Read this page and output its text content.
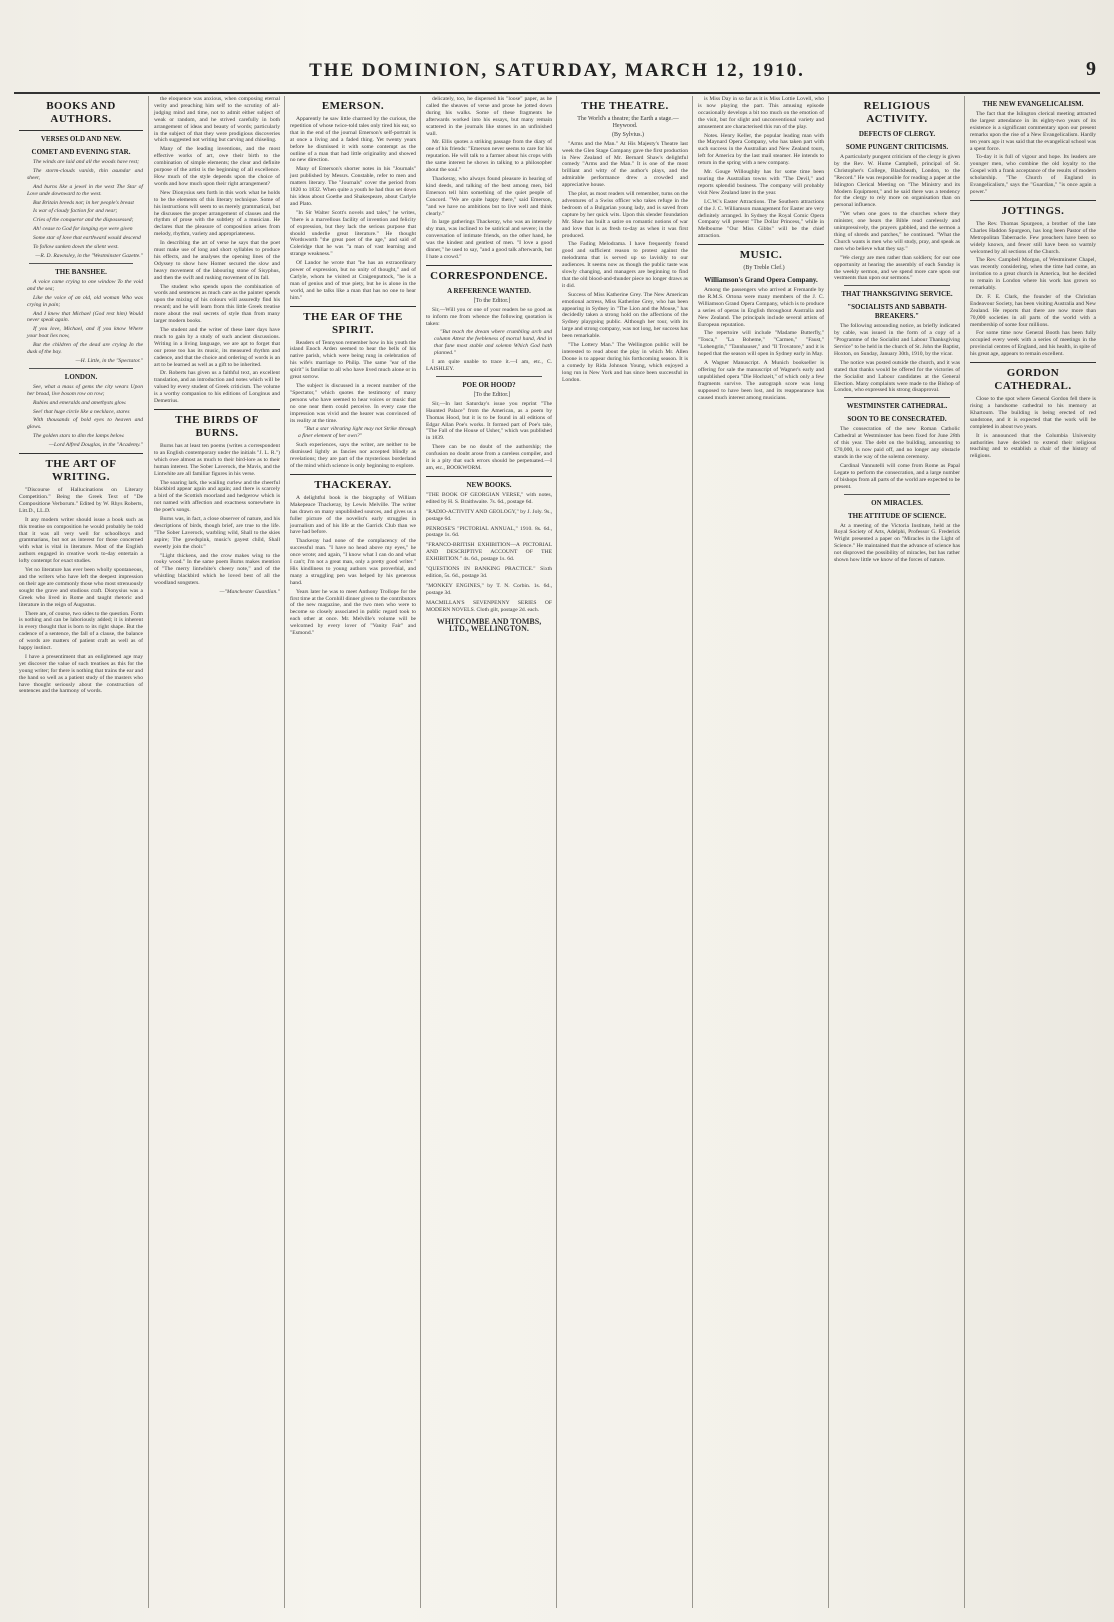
THE DOMINION, SATURDAY, MARCH 12, 1910.	9
BOOKS AND AUTHORS.
VERSES OLD AND NEW.
COMET AND EVENING STAR.

The winds are laid and all the woods have rest;

The storm-clouds vanish, thin asundar and sheer,

And burns like a jewel in the west The Star of Love unde downward to the west.

But Britain breeds not; in her people's breast

Is war of cloudy faction for and near;

Cries of the conqueror and the dispossessed;

Ah! cease to God for longing eye were given

Some star of love that earthward would descend

To follow sunken down the silent west.

—R. D. Rawnsley, in the "Westminster Gazette."

THE BANSHEE.

A voice came crying to one window To the void and the sea;

Like the voice of an old, old woman Who was crying in pain;

And I knew that Michael (God rest him) Would never speak again.

If you love, Michael, and if you know Where your boat lies now,

But the children of the dead are crying In the dusk of the bay.

—H. Little, in the "Spectator."

LONDON.

See, what a mass of gems the city wears Upon her broad, live bosom row on row;

Rubies and emeralds and amethysts glow.

See! that huge circle like a necklace, stares

With thousands of bold eyes to heaven and glows.

The golden stars to dim the lamps below.

—Lord Alfred Douglas, in the "Academy."

THE ART OF WRITING.

"Discourse of Hallucinations on Literary Competition." Being the Greek Text of "De Compositione Verborum." Edited by W. Rhys Roberts, Litt.D., LL.D.

It any modern writer should issue a book such as this treatise on composition he would probably be told that it was all very well for schoolboys and grammarians, but not as interest for those concerned with what is vital in literature. Most of the English authors engaged in creative work to-day entertain a lofty contempt for exact studies.

Yet no literature has ever been wholly spontaneous, and the writers who have left the deepest impression on their age are commonly those who most strenuously sought the grave and studious craft. Dionysius was a Greek who lived in Rome and taught rhetoric and literature in the reign of Augustus.

There are, of course, two sides to the question. Form is nothing and can be laboriously added; it is inherent in every thought that is born to its right shape. But the cadence of a sentence, the fall of a clause, the balance of words are matters of patient craft as well as of happy instinct.

I have a presentiment that an enlightened age may yet discover the value of such treatises as this for the young writer; for there is nothing that trains the ear and the hand so well as a patient study of the masters who have thought seriously about the construction of sentences and the harmony of words.

the eloquence was anxious, when composing eternal verity and preaching him self to the scrutiny of all-judging mind and time, not to admit either subject of weak or random, and he strived carefully in both arrangement of ideas and beauty of words; particularly in the subject of that they were prodigious discoveries which suggested not writing but carving and chiseling.

Many of the leading inventions, and the most effective works of art, owe their birth to the combination of simple elements; the clear and definite purpose of the artist is the beginning of all excellence. How much of the style depends upon the choice of words and how much upon their right arrangement?

New Dionysius sets forth in this work what he holds to be the elements of this literary technique. Some of his instructions will seem to us merely grammatical, but he discusses the proper arrangement of clauses and the rhythm of prose with the subtlety of a musician. He declares that the pleasure of composition arises from melody, rhythm, variety and appropriateness.

In describing the art of verse he says that the poet must make use of long and short syllables to produce his effects, and he analyses the opening lines of the Odyssey to show how Homer secured the slow and heavy movement of the labouring stone of Sisyphus, and then the swift and rushing movement of its fall.

The student who spends upon the combination of words and sentences as much care as the painter spends upon the mixing of his colours will assuredly find his reward; and he will learn from this little Greek treatise more about the real secrets of style than from many larger modern books.

The student and the writer of these later days have much to gain by a study of such ancient discussions. Writing in a living language, we are apt to forget that our prose too has its music, its measured rhythm and cadence, and that the choice and ordering of words is an art to be learned as well as a gift to be inherited.

Dr. Roberts has given us a faithful text, an excellent translation, and an introduction and notes which will be valued by every student of Greek criticism. The volume is a worthy companion to his editions of Longinus and Demetrius.

THE BIRDS OF BURNS.

Burns has at least ten poems (writes a correspondent to an English contemporary under the initials "J. L. R.") which owe almost as much to their bird-lore as to their human interest. The Sober Laverock, the Mavis, and the Lintwhite are all familiar figures in his verse.

The soaring lark, the wailing curlew and the cheerful blackbird appear again and again; and there is scarcely a bird of the Scottish moorland and hedgerow which is not named with affection and exactness somewhere in the poet's songs.

Burns was, in fact, a close observer of nature, and his descriptions of birds, though brief, are true to the life. "The Sober Laverock, warbling wild, Shall to the skies aspire; The gowdspink, music's gayest child, Shall sweetly join the choir."

"Light thickens, and the crow makes wing to the rooky wood." In the same poem Burns makes mention of "The merry lintwhite's cheery note," and of the whistling blackbird which he loved best of all the woodland songsters.

—"Manchester Guardian."

EMERSON.

Apparently he saw little charmed by the curious, the repetition of whose twice-told tales only tired his ear, so that in the end of the journal Emerson's self-portrait is at once a living and a faded thing. Yet twenty years before he dismissed it with some contempt as the outline of a man that had little originality and showed no new direction.

Many of Emerson's shorter notes in his "Journals" just published by Messrs. Constable, refer to men and matters literary. The "Journals" cover the period from 1820 to 1832. When quite a youth he had thus set down his ideas about Goethe and Shakespeare, about Carlyle and Plato.

"In Sir Walter Scott's novels and tales," he writes, "there is a marvellous facility of invention and felicity of expression, but they lack the serious purpose that should underlie great literature." He thought Wordsworth "the great poet of the age," and said of Coleridge that he was "a man of vast learning and strange weakness."

Of Landor he wrote that "he has an extraordinary power of expression, but no unity of thought," and of Carlyle, whom he visited at Craigenputtock, "he is a man of genius and of true piety, but he is alone in the world, and he talks like a man that has no one to hear him."

THE EAR OF THE SPIRIT.

Readers of Tennyson remember how in his youth the island Enoch Arden seemed to hear the bells of his native parish, which were being rung in celebration of his wife's marriage to Philip. The same "ear of the spirit" is familiar to all who have lived much alone or in great sorrow.

The subject is discussed in a recent number of the "Spectator," which quotes the testimony of many persons who have seemed to hear voices or music that no one near them could perceive. In every case the impression was vivid and the hearer was convinced of its reality at the time.

"But a star vibrating light may not Strike through a finer element of her own?"

Such experiences, says the writer, are neither to be dismissed lightly as fancies nor accepted blindly as revelations; they are part of the mysterious borderland of the mind which science is only beginning to explore.

THACKERAY.

A delightful book is the biography of William Makepeace Thackeray, by Lewis Melville. The writer has drawn on many unpublished sources, and gives us a fuller picture of the novelist's early struggles in journalism and of his life at the Garrick Club than we have had before.

Thackeray had none of the complacency of the successful man. "I have no head above my eyes," he once wrote; and again, "I know what I can do and what I can't; I'm not a great man, only a pretty good writer." His kindliness to young authors was proverbial, and many a struggling pen was helped by his generous hand.

Years later he was to meet Anthony Trollope for the first time at the Cornhill dinner given to the contributors of the new magazine, and the two men who were to become so closely associated in public regard took to each other at once. Mr. Melville's volume will be welcomed by every lover of "Vanity Fair" and "Esmond."

delicately, too, he dispersed his "loose" paper, as he called the sheaves of verse and prose he jotted down during his walks. Some of these fragments he afterwards worked into his essays, but many remain scattered in the journals like stones in an unfinished wall.

Mr. Ellis quotes a striking passage from the diary of one of his friends: "Emerson never seems to care for his reputation. He will talk to a farmer about his crops with the same interest he shows in talking to a philosopher about the soul."

Thackeray, who always found pleasure in hearing of kind deeds, and talking of the best among men, bid Emerson tell him something of the quiet people of Concord. "We are quite happy there," said Emerson, "and we have no ambitions but to live well and think clearly."

In large gatherings Thackeray, who was an intensely shy man, was inclined to be satirical and severe; in the conversation of intimate friends, on the other hand, he was the kindest and gentlest of men. "I love a good dinner," he used to say, "and a good talk afterwards, but I hate a crowd."

CORRESPONDENCE.
A REFERENCE WANTED.

[To the Editor.]

Sir,—Will you or one of your readers be so good as to inform me from whence the following quotation is taken:

"But teach the dream where crumbling arch and column Attest the feebleness of mortal hand, And in that fane most stable and solemn Which God hath planned."

I am quite unable to trace it.—I am, etc., C. LAISHLEY.

POE OR HOOD?

[To the Editor.]

Sir,—In last Saturday's issue you reprint "The Haunted Palace" from the American, as a poem by Thomas Hood, but it is to be found in all editions of Edgar Allan Poe's works. It formed part of Poe's tale, "The Fall of the House of Usher," which was published in 1839.

There can be no doubt of the authorship; the confusion no doubt arose from a careless compiler, and it is a pity that such errors should be perpetuated.—I am, etc., BOOKWORM.

NEW BOOKS.

"THE BOOK OF GEORGIAN VERSE," with notes, edited by H. S. Braithwaite. 7s. 6d., postage 6d.

"RADIO-ACTIVITY AND GEOLOGY," by J. Joly. 9s., postage 6d.

PENROSE'S "PICTORIAL ANNUAL," 1910. 8s. 6d., postage 1s. 6d.

"FRANCO-BRITISH EXHIBITION—A PICTORIAL AND DESCRIPTIVE ACCOUNT OF THE EXHIBITION." 4s. 6d., postage 1s. 6d.

"QUESTIONS IN BANKING PRACTICE." Sixth edition, 5s. 6d., postage 3d.

"MONKEY ENGINES," by T. N. Corbin. 1s. 6d., postage 3d.

MACMILLAN'S SEVENPENNY SERIES OF MODERN NOVELS. Cloth gilt, postage 2d. each.

WHITCOMBE AND TOMBS, LTD., WELLINGTON.
THE THEATRE.

The World's a theatre; the Earth a stage.—Heywood.

(By Sylvius.)

"Arms and the Man." At His Majesty's Theatre last week the Glen Stage Company gave the first production in New Zealand of Mr. Bernard Shaw's delightful comedy "Arms and the Man." It is one of the most brilliant and witty of the author's plays, and the admirable performance drew a crowded and appreciative house.

The plot, as most readers will remember, turns on the adventures of a Swiss officer who takes refuge in the bedroom of a Bulgarian young lady, and is saved from capture by her quick wits. Upon this slender foundation Mr. Shaw has built a satire on romantic notions of war and love that is as fresh to-day as when it was first produced.

The Fading Melodrama. I have frequently found good and sufficient reason to protest against the melodrama that is served up so lavishly to our audiences. It seems now as though the public taste was slowly changing, and managers are beginning to find that the old blood-and-thunder piece no longer draws as it did.

Success of Miss Katherine Grey. The New American emotional actress, Miss Katherine Grey, who has been appearing in Sydney in "The Lion and the Mouse," has decidedly taken a strong hold on the affections of the Sydney playgoing public. Although her tour, with its large and strong company, was not long, her success has been remarkable.

"The Lottery Man." The Wellington public will be interested to read about the play in which Mr. Allen Doone is to appear during his forthcoming season. It is a comedy by Rida Johnson Young, which enjoyed a long run in New York and has since been successful in London.

is Miss Day in so far as it is Miss Lottie Lovell, who is now playing the part. This amusing episode occasionally develops a bit too much on the emotion of the visit, but for slight and unconventional variety and amusement are characterised this run of the play.

Notes. Henry Keller, the popular leading man with the Maynard Opera Company, who has taken part with such success in the Australian and New Zealand tours, left for America by the last mail steamer. He intends to return in the spring with a new company.

Mr. Gouge Willoughby has for some time been touring the Australian towns with "The Devil," and reports splendid business. The company will probably visit New Zealand later in the year.

I.C.W.'s Easter Attractions. The Southern attractions of the J. C. Williamson management for Easter are very definitely arranged. In Sydney the Royal Comic Opera Company will present "The Dollar Princess," while in Melbourne "Our Miss Gibbs" will be the chief attraction.

MUSIC.

(By Treble Clef.)

Williamson's Grand Opera Company.

Among the passengers who arrived at Fremantle by the R.M.S. Ortona were many members of the J. C. Williamson Grand Opera Company, which is to produce a series of operas in English throughout Australia and New Zealand. The principals include several artists of European reputation.

The repertoire will include "Madame Butterfly," "Tosca," "La Boheme," "Carmen," "Faust," "Lohengrin," "Tannhauser," and "Il Trovatore," and it is hoped that the season will open in Sydney early in May.

A Wagner Manuscript. A Munich bookseller is offering for sale the manuscript of Wagner's early and unpublished opera "Die Hochzeit," of which only a few fragments survive. The autograph score was long supposed to have been lost, and its reappearance has caused much interest among musicians.

RELIGIOUS ACTIVITY.
DEFECTS OF CLERGY.
SOME PUNGENT CRITICISMS.

A particularly pungent criticism of the clergy is given by the Rev. W. Hume Campbell, principal of St. Christopher's College, Blackheath, London, to the "Record." He was responsible for reading a paper at the Islington Clerical Meeting on "The Ministry and its Modern Equipment," and he said there was a tendency for the clergy to rely more on organisation than on personal influence.

"Yet when one goes to the churches where they minister, one hears the Bible read carelessly and unimpressively, the prayers gabbled, and the sermon a thing of shreds and patches," he continued. "What the Church wants is men who will study, pray, and speak as men who believe what they say."

"We clergy are men rather than soldiers; for our one opportunity at hearing the assembly of each Sunday is the weekly sermon, and we spend more care upon our vestments than upon our sermons."

THAT THANKSGIVING SERVICE.
"SOCIALISTS AND SABBATH-BREAKERS."

The following astounding notice, as briefly indicated by cable, was issued in the form of a copy of a "Programme of the Socialist and Labour Thanksgiving Service" to be held in the church of St. John the Baptist, Hoxton, on Sunday, January 30th, 1910, by the vicar.

The notice was posted outside the church, and it was stated that thanks would be offered for the victories of the Socialist and Labour candidates at the General Election. Many complaints were made to the Bishop of London, who expressed his strong disapproval.

WESTMINSTER CATHEDRAL.
SOON TO BE CONSECRATED.

The consecration of the new Roman Catholic Cathedral at Westminster has been fixed for June 28th of this year. The debt on the building, amounting to £70,000, is now paid off, and no longer any obstacle stands in the way of the solemn ceremony.

Cardinal Vannutelli will come from Rome as Papal Legate to perform the consecration, and a large number of bishops from all parts of the world are expected to be present.

ON MIRACLES.
THE ATTITUDE OF SCIENCE.

At a meeting of the Victoria Institute, held at the Royal Society of Arts, Adelphi, Professor G. Frederick Wright presented a paper on "Miracles in the Light of Science." He maintained that the advance of science has not disproved the possibility of miracles, but has rather shown how little we know of the forces of nature.

THE NEW EVANGELICALISM.

The fact that the Islington clerical meeting attracted the largest attendance in its eighty-two years of its existence is a significant commentary upon our present remarks upon the rise of a New Evangelicalism. Hardly ten years ago it was said that the evangelical school was a spent force.

To-day it is full of vigour and hope. Its leaders are younger men, who combine the old loyalty to the Gospel with a frank acceptance of the results of modern scholarship. "The Church of England in Evangelicalism," says the "Guardian," "is once again a power."

JOTTINGS.

The Rev. Thomas Spurgeon, a brother of the late Charles Haddon Spurgeon, has long been Pastor of the Metropolitan Tabernacle. Few preachers have been so widely known, and fewer still have been so warmly welcomed by all sections of the Church.

The Rev. Campbell Morgan, of Westminster Chapel, was recently considering, when the time had come, an invitation to a great church in America, but he decided to remain in London where his work has grown so remarkably.

Dr. F. E. Clark, the founder of the Christian Endeavour Society, has been visiting Australia and New Zealand. He reports that there are now more than 70,000 societies in all parts of the world with a membership of some four millions.

For some time now General Booth has been fully occupied every week with a series of meetings in the provincial centres of England, and his health, in spite of his great age, appears to remain excellent.

GORDON CATHEDRAL.

Close to the spot where General Gordon fell there is rising a handsome cathedral to his memory at Khartoum. The building is being erected of red sandstone, and it is expected that the work will be completed in about two years.

It is announced that the Columbia University authorities have decided to extend their religious teaching and to establish a chair of the history of religions.
